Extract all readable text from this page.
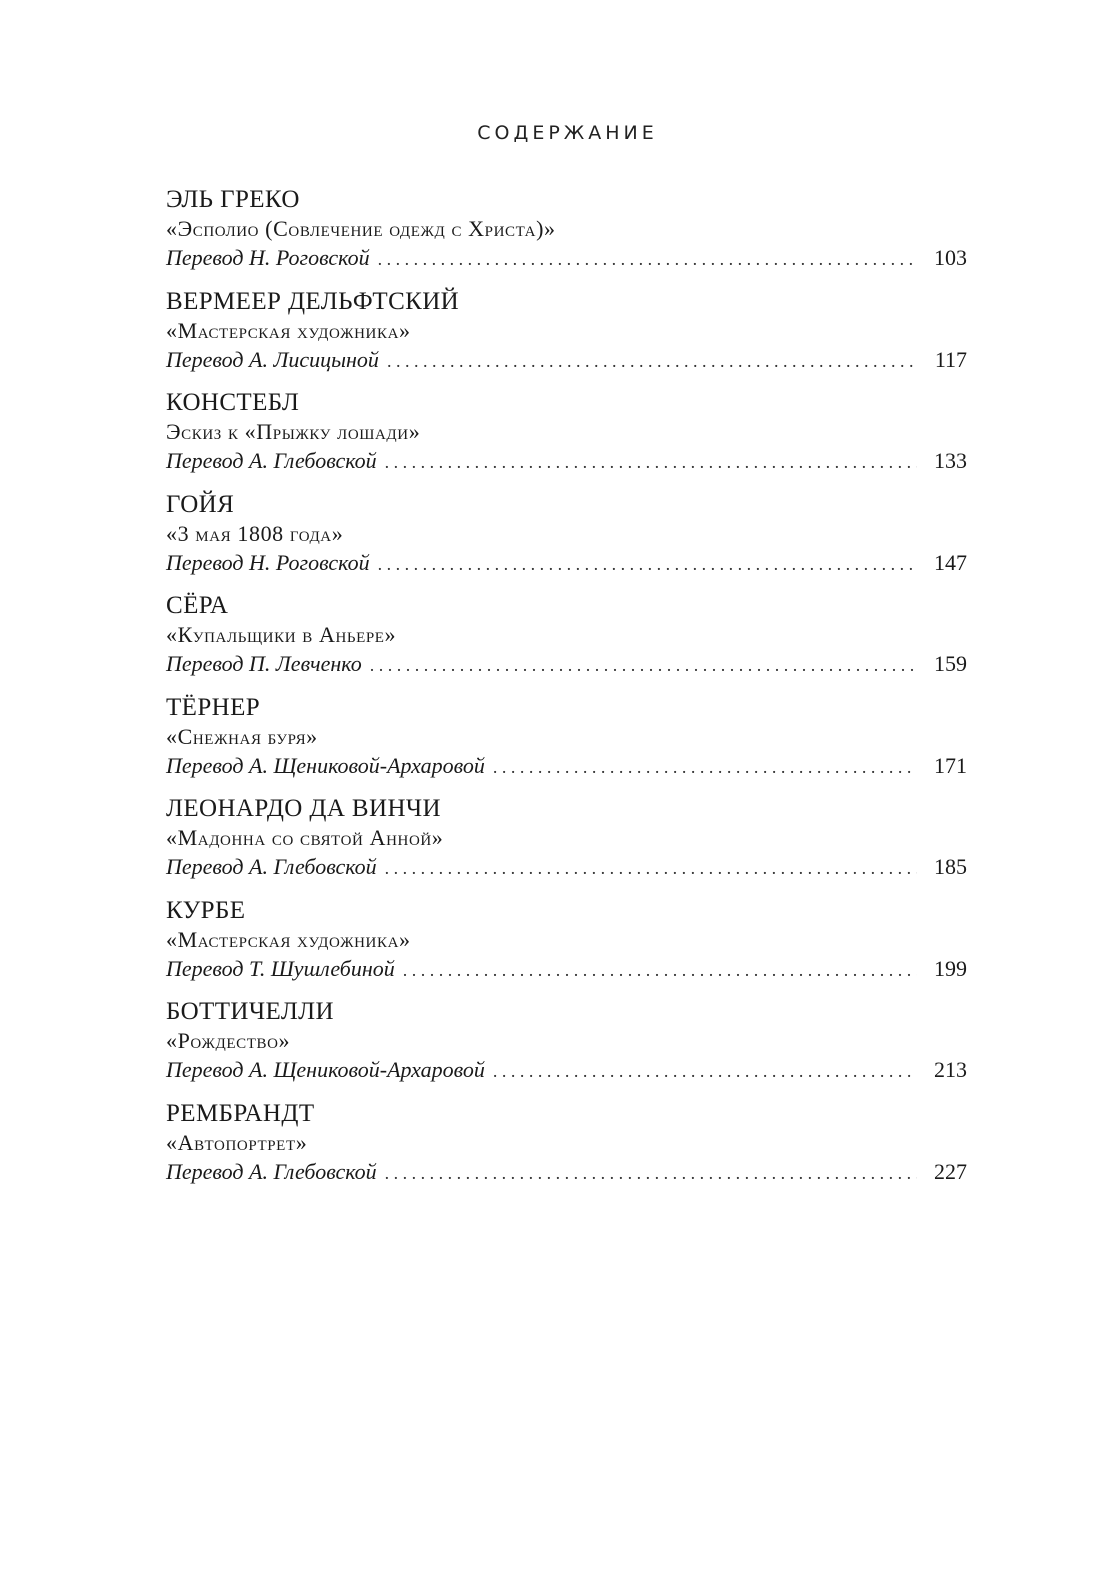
СОДЕРЖАНИЕ
ЭЛЬ ГРЕКО
«Эсполио (Совлечение одежд с Христа)»
Перевод Н. Роговской . . .	103
ВЕРМЕЕР ДЕЛЬФТСКИЙ
«Мастерская художника»
Перевод А. Лисицыной . . .	117
КОНСТЕБЛ
Эскиз к «Прыжку лошади»
Перевод А. Глебовской . . .	133
ГОЙЯ
«3 мая 1808 года»
Перевод Н. Роговской . . .	147
СЁРА
«Купальщики в Аньере»
Перевод П. Левченко . . .	159
ТЁРНЕР
«Снежная буря»
Перевод А. Щениковой-Архаровой . . .	171
ЛЕОНАРДО ДА ВИНЧИ
«Мадонна со святой Анной»
Перевод А. Глебовской . . .	185
КУРБЕ
«Мастерская художника»
Перевод Т. Шушлебиной . . .	199
БОТТИЧЕЛЛИ
«Рождество»
Перевод А. Щениковой-Архаровой . . .	213
РЕМБРАНДТ
«Автопортрет»
Перевод А. Глебовской . . .	227
